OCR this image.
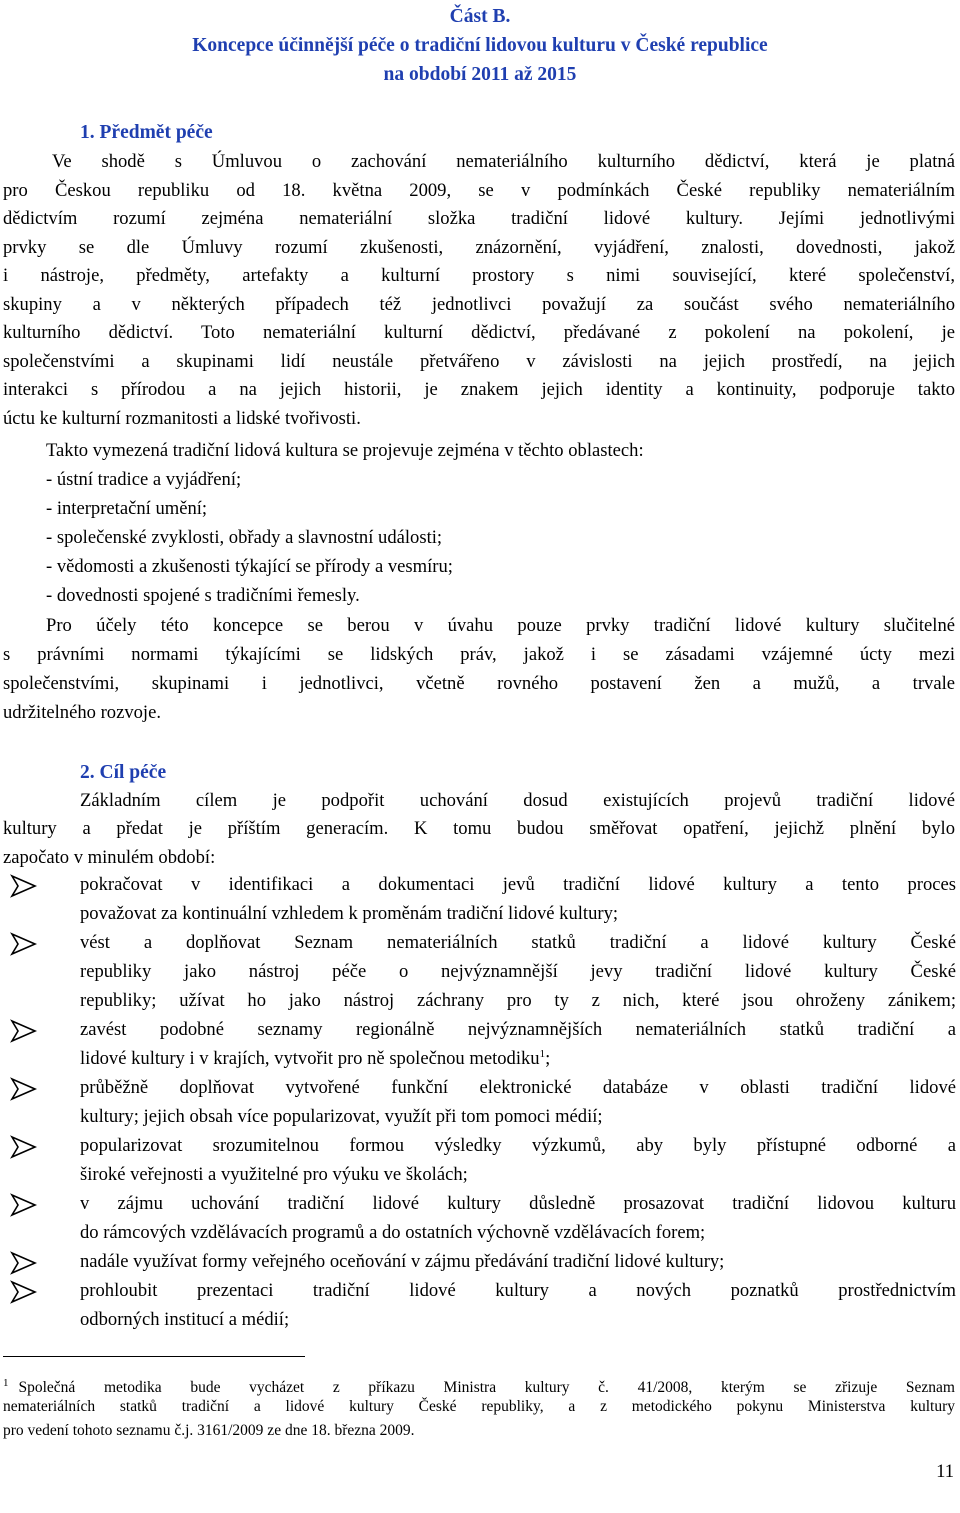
Část B.
Koncepce účinnější péče o tradiční lidovou kulturu v České republice
na období 2011 až 2015
1. Předmět péče
Ve shodě s Úmluvou o zachování nemateriálního kulturního dědictví, která je platná
pro Českou republiku od 18. května 2009, se v podmínkách České republiky nemateriálním
dědictvím rozumí zejména nemateriální složka tradiční lidové kultury. Jejími jednotlivými
prvky se dle Úmluvy rozumí zkušenosti, znázornění, vyjádření, znalosti, dovednosti, jakož
i nástroje, předměty, artefakty a kulturní prostory s nimi související, které společenství,
skupiny a v některých případech též jednotlivci považují za součást svého nemateriálního
kulturního dědictví. Toto nemateriální kulturní dědictví, předávané z pokolení na pokolení, je
společenstvími a skupinami lidí neustále přetvářeno v závislosti na jejich prostředí, na jejich
interakci s přírodou a na jejich historii, je znakem jejich identity a kontinuity, podporuje takto
úctu ke kulturní rozmanitosti a lidské tvořivosti.
Takto vymezená tradiční lidová kultura se projevuje zejména v těchto oblastech:
- ústní tradice a vyjádření;
- interpretační umění;
- společenské zvyklosti, obřady a slavnostní události;
- vědomosti a zkušenosti týkající se přírody a vesmíru;
- dovednosti spojené s tradičními řemesly.
Pro účely této koncepce se berou v úvahu pouze prvky tradiční lidové kultury slučitelné
s právními normami týkajícími se lidských práv, jakož i se zásadami vzájemné úcty mezi
společenstvími, skupinami i jednotlivci, včetně rovného postavení žen a mužů, a trvale
udržitelného rozvoje.
2. Cíl péče
Základním cílem je podpořit uchování dosud existujících projevů tradiční lidové
kultury a předat je příštím generacím. K tomu budou směřovat opatření, jejichž plnění bylo
započato v minulém období:
pokračovat v identifikaci a dokumentaci jevů tradiční lidové kultury a tento proces
považovat za kontinuální vzhledem k proměnám tradiční lidové kultury;
vést a doplňovat Seznam nemateriálních statků tradiční a lidové kultury České
republiky jako nástroj péče o nejvýznamnější jevy tradiční lidové kultury České
republiky; užívat ho jako nástroj záchrany pro ty z nich, které jsou ohroženy zánikem;
zavést podobné seznamy regionálně nejvýznamnějších nemateriálních statků tradiční a
lidové kultury i v krajích, vytvořit pro ně společnou metodiku$^1$;
průběžně doplňovat vytvořené funkční elektronické databáze v oblasti tradiční lidové
kultury; jejich obsah více popularizovat, využít při tom pomoci médií;
popularizovat srozumitelnou formou výsledky výzkumů, aby byly přístupné odborné a
široké veřejnosti a využitelné pro výuku ve školách;
v zájmu uchování tradiční lidové kultury důsledně prosazovat tradiční lidovou kulturu
do rámcových vzdělávacích programů a do ostatních výchovně vzdělávacích forem;
nadále využívat formy veřejného oceňování v zájmu předávání tradiční lidové kultury;
prohloubit prezentaci tradiční lidové kultury a nových poznatků prostřednictvím
odborných institucí a médií;
$^1$ Společná metodika bude vycházet z příkazu Ministra kultury č. 41/2008, kterým se zřizuje Seznam
nemateriálních statků tradiční a lidové kultury České republiky, a z metodického pokynu Ministerstva kultury
pro vedení tohoto seznamu č.j. 3161/2009 ze dne 18. března 2009.
11
